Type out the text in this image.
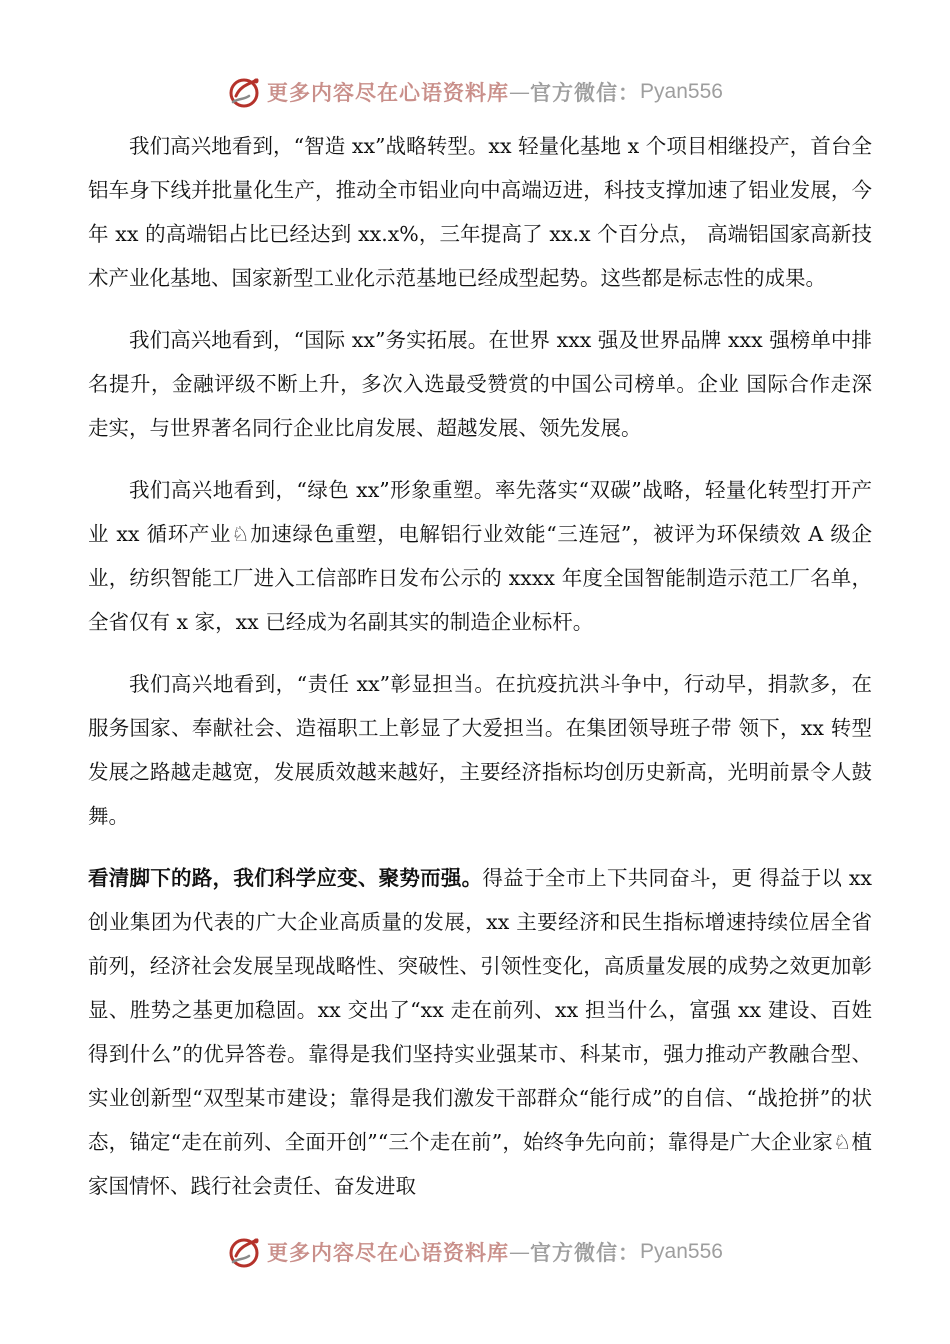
更多内容尽在心语资料库 — 官方微信： Pyan556

我们高兴地看到，“智造 xx”战略转型。xx 轻量化基地 x 个项目相继投产，首台全铝车身下线并批量化生产，推动全市铝业向中高端迈进，科技支撑加速了铝业发展，今年 xx 的高端铝占比已经达到 xx.x%，三年提高了 xx.x 个百分点， 高端铝国家高新技术产业化基地、国家新型工业化示范基地已经成型起势。这些都是标志性的成果。

我们高兴地看到，“国际 xx”务实拓展。在世界 xxx 强及世界品牌 xxx 强榜单中排名提升，金融评级不断上升，多次入选最受赞赏的中国公司榜单。企业 国际合作走深走实，与世界著名同行企业比肩发展、超越发展、领先发展。

我们高兴地看到，“绿色 xx”形象重塑。率先落实“双碳”战略，轻量化转型打开产业 xx 循环产业♘加速绿色重塑，电解铝行业效能“三连冠”，被评为环保绩效 A 级企业，纺织智能工厂进入工信部昨日发布公示的 xxxx 年度全国智能制造示范工厂名单，全省仅有 x 家，xx 已经成为名副其实的制造企业标杆。

我们高兴地看到，“责任 xx”彰显担当。在抗疫抗洪斗争中，行动早，捐款多，在服务国家、奉献社会、造福职工上彰显了大爱担当。在集团领导班子带 领下，xx 转型发展之路越走越宽，发展质效越来越好，主要经济指标均创历史新高，光明前景令人鼓舞。

看清脚下的路，我们科学应变、聚势而强。得益于全市上下共同奋斗，更 得益于以 xx 创业集团为代表的广大企业高质量的发展，xx 主要经济和民生指标增速持续位居全省前列，经济社会发展呈现战略性、突破性、引领性变化，高质量发展的成势之效更加彰显、胜势之基更加稳固。xx 交出了“xx 走在前列、xx 担当什么，富强 xx 建设、百姓得到什么”的优异答卷。靠得是我们坚持实业强某市、科某市，强力推动产教融合型、实业创新型“双型某市建设；靠得是我们激发干部群众“能行成”的自信、“战抢拼”的状态，锚定“走在前列、全面开创”“三个走在前”，始终争先向前；靠得是广大企业家♘植家国情怀、践行社会责任、奋发进取

更多内容尽在心语资料库 — 官方微信： Pyan556
